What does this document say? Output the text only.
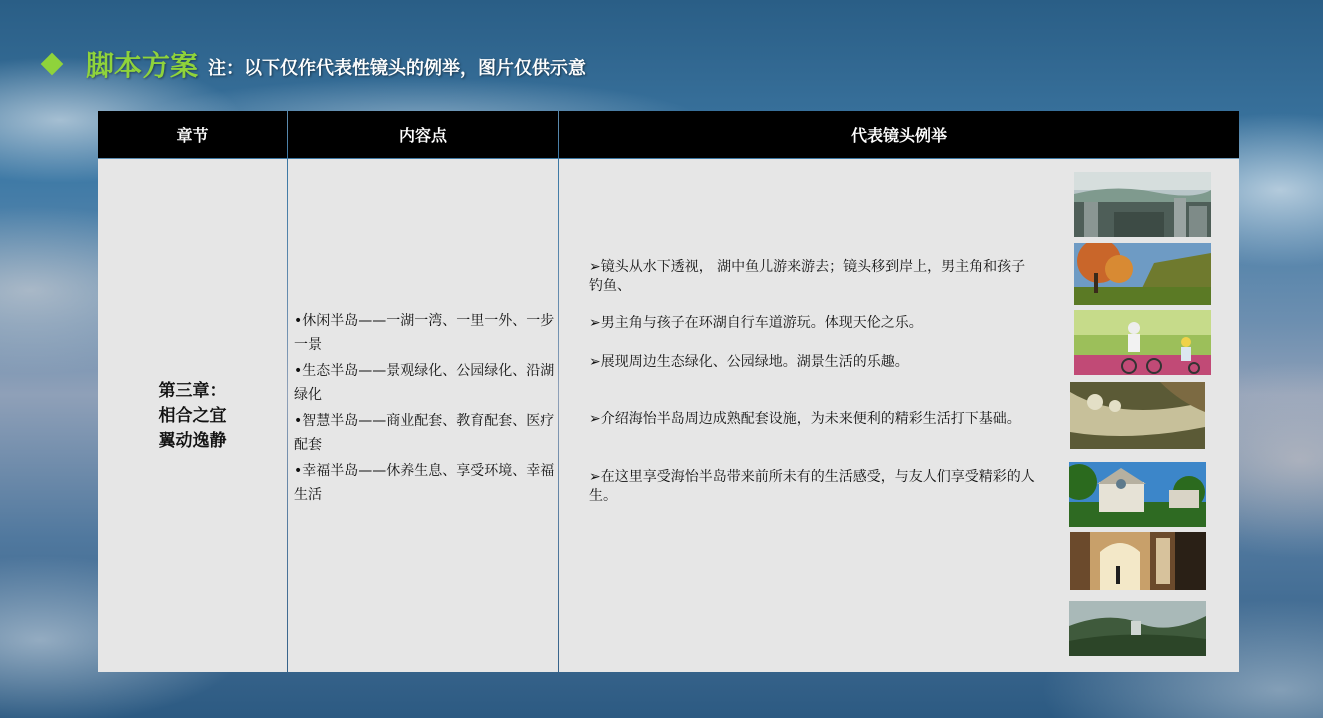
脚本方案 注：以下仅作代表性镜头的例举，图片仅供示意
章节	内容点	代表镜头例举
第三章：
相合之宜
翼动逸静
•休闲半岛——一湖一湾、一里一外、一步一景
•生态半岛——景观绿化、公园绿化、沿湖绿化
•智慧半岛——商业配套、教育配套、医疗配套
•幸福半岛——休养生息、享受环境、幸福生活
➢镜头从水下透视， 湖中鱼儿游来游去；镜头移到岸上，男主角和孩子钓鱼、
➢男主角与孩子在环湖自行车道游玩。体现天伦之乐。
➢展现周边生态绿化、公园绿地。湖景生活的乐趣。
➢介绍海怡半岛周边成熟配套设施，为未来便利的精彩生活打下基础。
➢在这里享受海怡半岛带来前所未有的生活感受，与友人们享受精彩的人生。
